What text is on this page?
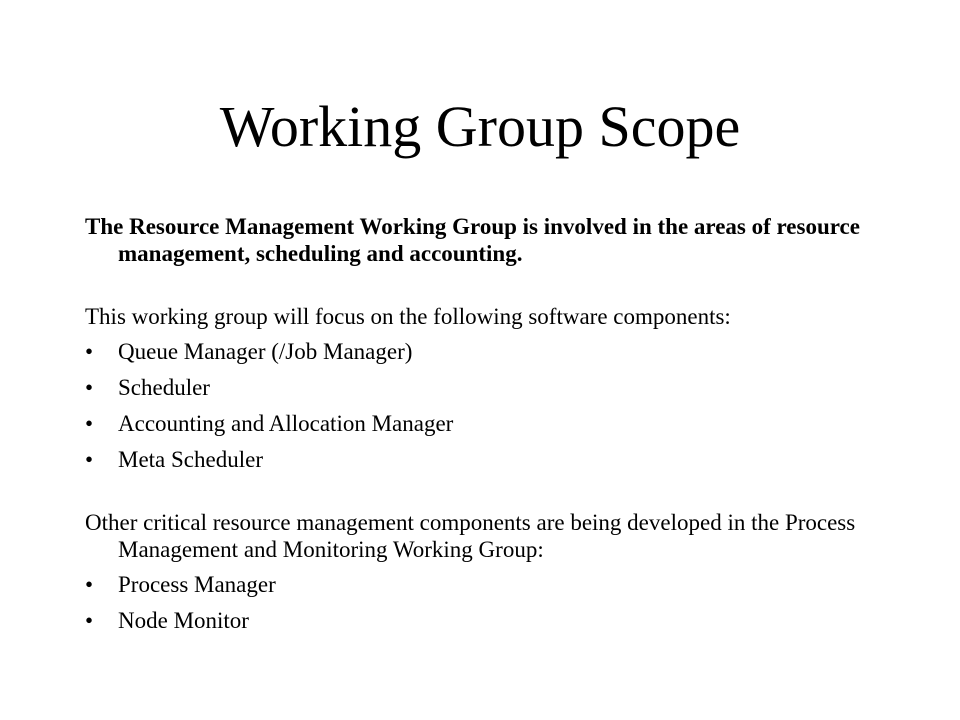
Working Group Scope

The Resource Management Working Group is involved in the areas of resource management, scheduling and accounting.

This working group will focus on the following software components:

•	Queue Manager (/Job Manager)
•	Scheduler
•	Accounting and Allocation Manager
•	Meta Scheduler

Other critical resource management components are being developed in the Process Management and Monitoring Working Group:

•	Process Manager
•	Node Monitor
